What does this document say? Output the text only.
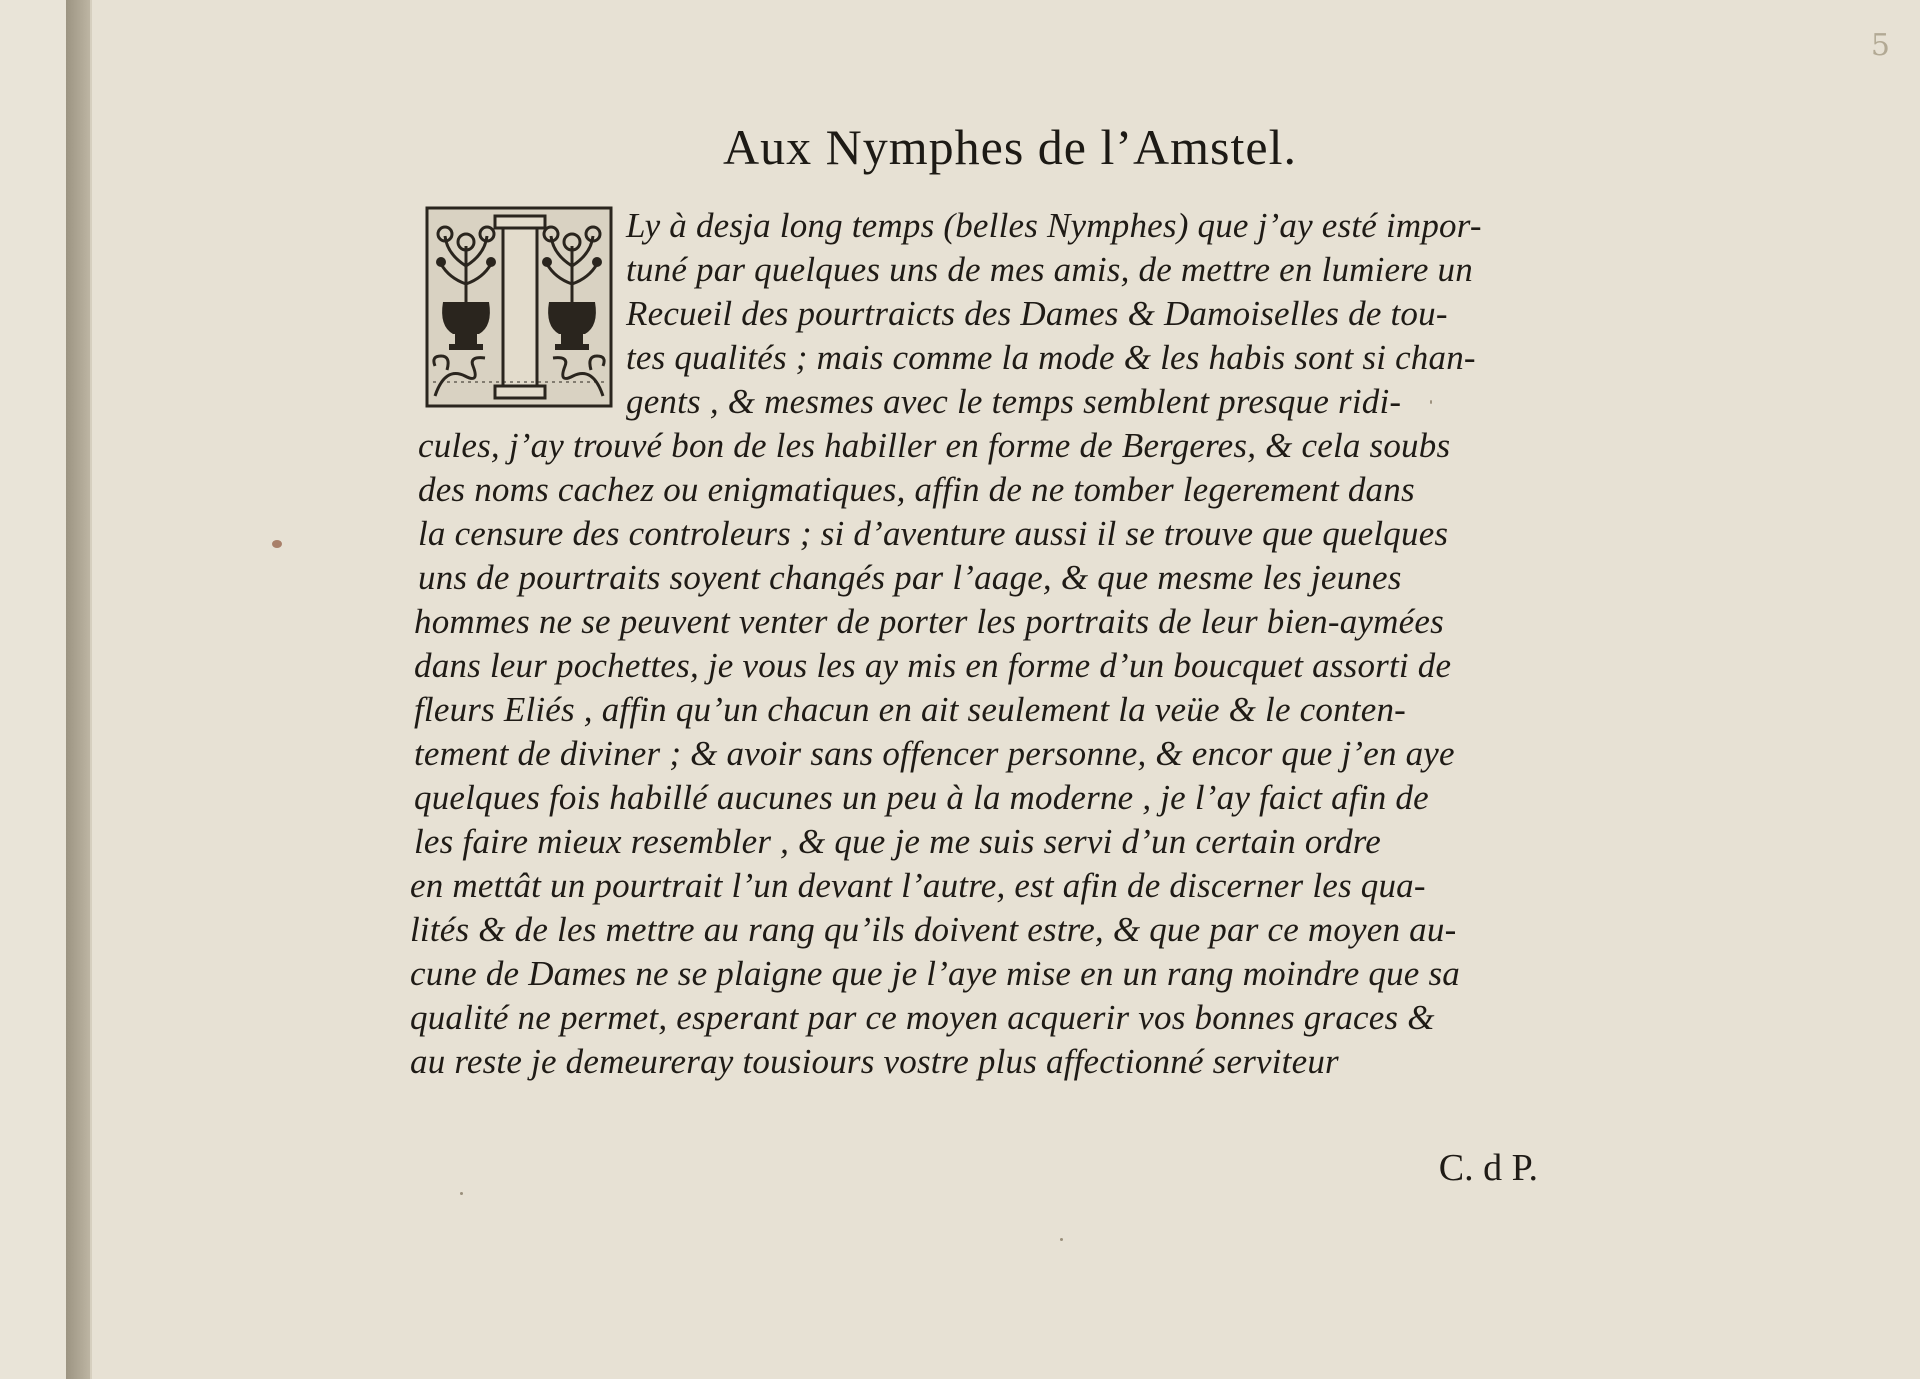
5
Aux Nymphes de l’Amstel.
Ly à desja long temps (belles Nymphes) que j’ay esté impor-
tuné par quelques uns de mes amis, de mettre en lumiere un
Recueil des pourtraicts des Dames & Damoiselles de tou-
tes qualités ; mais comme la mode & les habis sont si chan-
gents , & mesmes avec le temps semblent presque ridi-
cules, j’ay trouvé bon de les habiller en forme de Bergeres, & cela soubs
des noms cachez ou enigmatiques, affin de ne tomber legerement dans
la censure des controleurs ; si d’aventure aussi il se trouve que quelques
uns de pourtraits soyent changés par l’aage, & que mesme les jeunes
hommes ne se peuvent venter de porter les portraits de leur bien-aymées
dans leur pochettes, je vous les ay mis en forme d’un boucquet assorti de
fleurs Eliés , affin qu’un chacun en ait seulement la veüe & le conten-
tement de diviner ; & avoir sans offencer personne, & encor que j’en aye
quelques fois habillé aucunes un peu à la moderne , je l’ay faict afin de
les faire mieux resembler , & que je me suis servi d’un certain ordre
en mettât un pourtrait l’un devant l’autre, est afin de discerner les qua-
lités & de les mettre au rang qu’ils doivent estre, & que par ce moyen au-
cune de Dames ne se plaigne que je l’aye mise en un rang moindre que sa
qualité ne permet, esperant par ce moyen acquerir vos bonnes graces &
au reste je demeureray tousiours vostre plus affectionné serviteur
C. d P.
